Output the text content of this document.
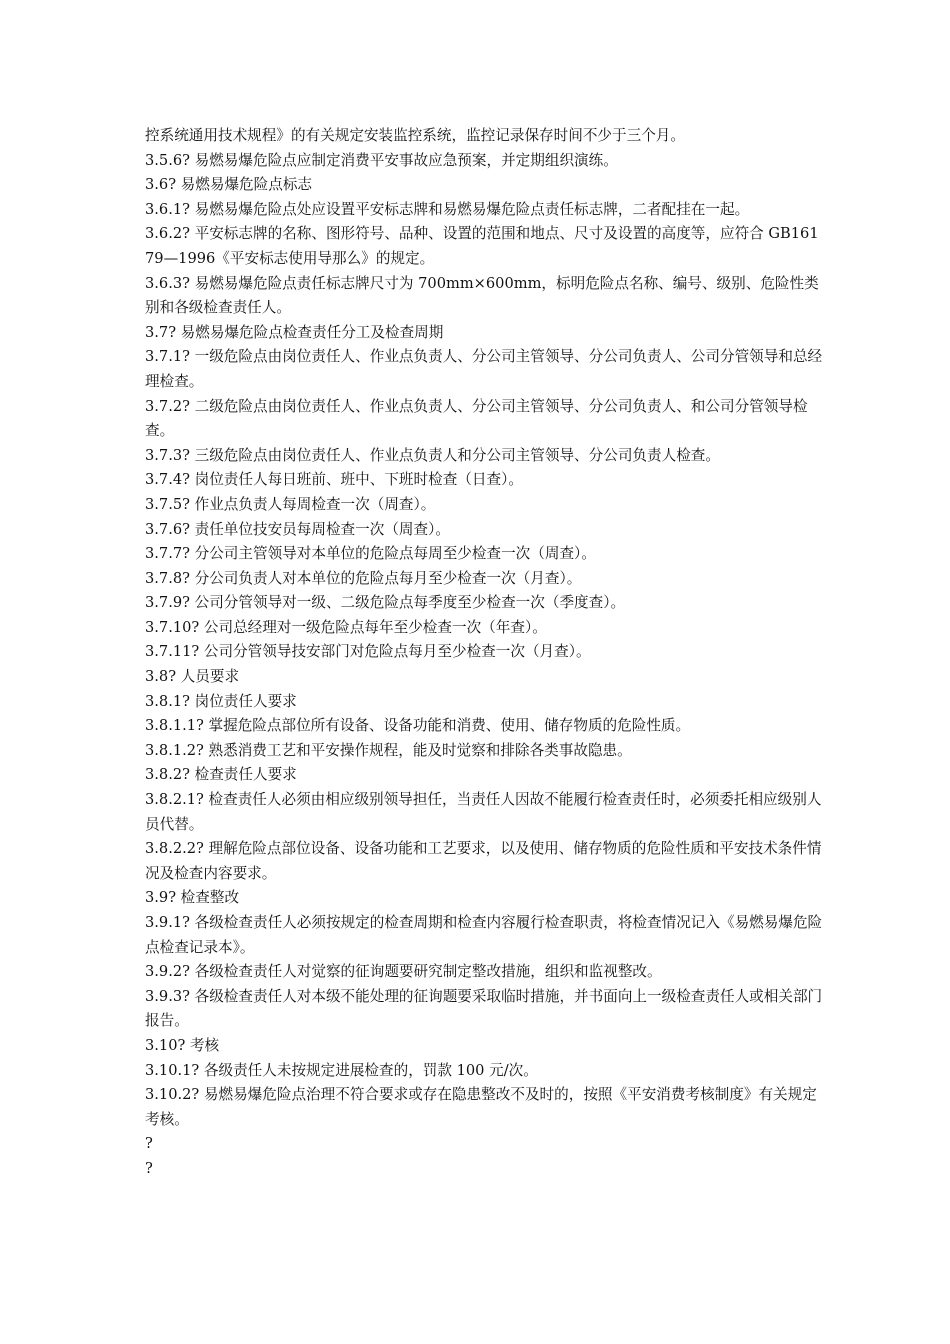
控系统通用技术规程》的有关规定安装监控系统，监控记录保存时间不少于三个月。

3.5.6? 易燃易爆危险点应制定消费平安事故应急预案，并定期组织演练。

3.6? 易燃易爆危险点标志

3.6.1? 易燃易爆危险点处应设置平安标志牌和易燃易爆危险点责任标志牌，二者配挂在一起。

3.6.2? 平安标志牌的名称、图形符号、品种、设置的范围和地点、尺寸及设置的高度等，应符合 GB16179—1996《平安标志使用导那么》的规定。

3.6.3? 易燃易爆危险点责任标志牌尺寸为 700mm×600mm，标明危险点名称、编号、级别、危险性类别和各级检查责任人。

3.7? 易燃易爆危险点检查责任分工及检查周期

3.7.1? 一级危险点由岗位责任人、作业点负责人、分公司主管领导、分公司负责人、公司分管领导和总经理检查。

3.7.2? 二级危险点由岗位责任人、作业点负责人、分公司主管领导、分公司负责人、和公司分管领导检查。

3.7.3? 三级危险点由岗位责任人、作业点负责人和分公司主管领导、分公司负责人检查。

3.7.4? 岗位责任人每日班前、班中、下班时检查（日查）。

3.7.5? 作业点负责人每周检查一次（周查）。

3.7.6? 责任单位技安员每周检查一次（周查）。

3.7.7? 分公司主管领导对本单位的危险点每周至少检查一次（周查）。

3.7.8? 分公司负责人对本单位的危险点每月至少检查一次（月查）。

3.7.9? 公司分管领导对一级、二级危险点每季度至少检查一次（季度查）。

3.7.10? 公司总经理对一级危险点每年至少检查一次（年查）。

3.7.11? 公司分管领导技安部门对危险点每月至少检查一次（月查）。

3.8? 人员要求

3.8.1? 岗位责任人要求

3.8.1.1? 掌握危险点部位所有设备、设备功能和消费、使用、储存物质的危险性质。

3.8.1.2? 熟悉消费工艺和平安操作规程，能及时觉察和排除各类事故隐患。

3.8.2? 检查责任人要求

3.8.2.1? 检查责任人必须由相应级别领导担任，当责任人因故不能履行检查责任时，必须委托相应级别人员代替。

3.8.2.2? 理解危险点部位设备、设备功能和工艺要求，以及使用、储存物质的危险性质和平安技术条件情况及检查内容要求。

3.9? 检查整改

3.9.1? 各级检查责任人必须按规定的检查周期和检查内容履行检查职责，将检查情况记入《易燃易爆危险点检查记录本》。

3.9.2? 各级检查责任人对觉察的征询题要研究制定整改措施，组织和监视整改。

3.9.3? 各级检查责任人对本级不能处理的征询题要采取临时措施，并书面向上一级检查责任人或相关部门报告。

3.10? 考核

3.10.1? 各级责任人未按规定进展检查的，罚款 100 元/次。

3.10.2? 易燃易爆危险点治理不符合要求或存在隐患整改不及时的，按照《平安消费考核制度》有关规定考核。

?

?
